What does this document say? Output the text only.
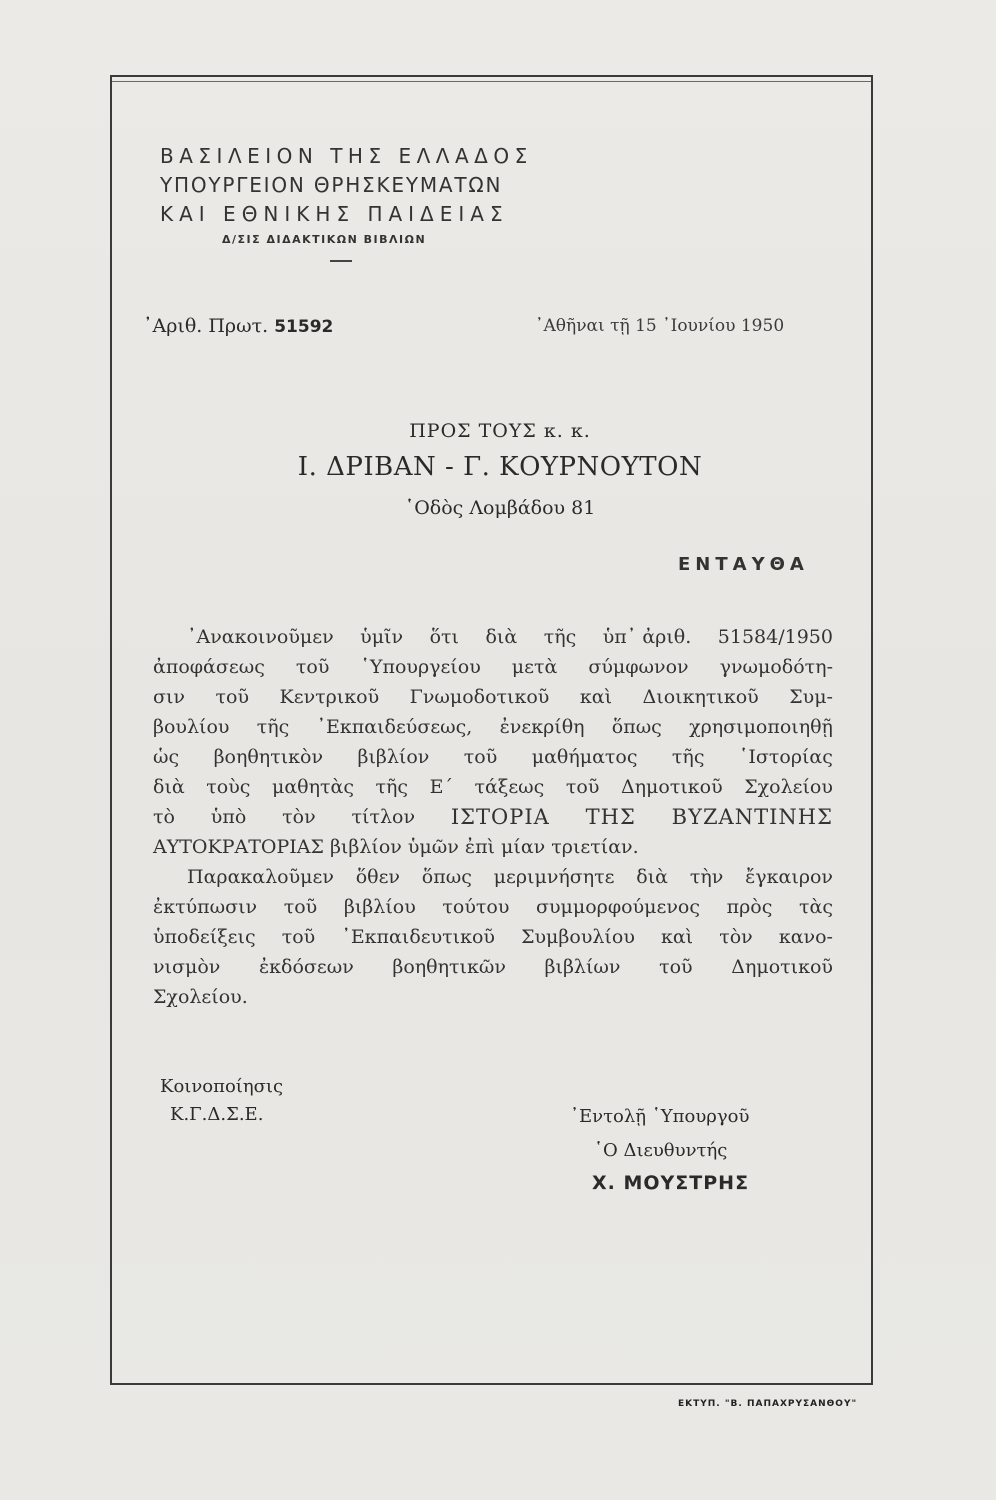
ΒΑΣΙΛΕΙΟΝ ΤΗΣ ΕΛΛΑΔΟΣ
ΥΠΟΥΡΓΕΙΟΝ ΘΡΗΣΚΕΥΜΑΤΩΝ
ΚΑΙ ΕΘΝΙΚΗΣ ΠΑΙΔΕΙΑΣ
Δ/ΣΙΣ ΔΙΔΑΚΤΙΚΩΝ ΒΙΒΛΙΩΝ
᾿Αριθ. Πρωτ. 51592	᾿Αθῆναι τῇ 15 ᾿Ιουνίου 1950
ΠΡΟΣ ΤΟΥΣ κ. κ.
Ι. ΔΡΙΒΑΝ - Γ. ΚΟΥΡΝΟΥΤΟΝ
῾Οδὸς Λομβάδου 81
ΕΝΤΑΥΘΑ
᾿Ανακοινοῦμεν ὑμῖν ὅτι διὰ τῆς ὑπ᾿ ἀριθ. 51584/1950
ἀποφάσεως τοῦ ῾Υπουργείου μετὰ σύμφωνον γνωμοδότη-
σιν τοῦ Κεντρικοῦ Γνωμοδοτικοῦ καὶ Διοικητικοῦ Συμ-
βουλίου τῆς ᾿Εκπαιδεύσεως, ἐνεκρίθη ὅπως χρησιμοποιηθῇ
ὡς βοηθητικὸν βιβλίον τοῦ μαθήματος τῆς ῾Ιστορίας
διὰ τοὺς μαθητὰς τῆς Ε΄ τάξεως τοῦ Δημοτικοῦ Σχολείου
τὸ ὑπὸ τὸν τίτλον ΙΣΤΟΡΙΑ ΤΗΣ ΒΥΖΑΝΤΙΝΗΣ
ΑΥΤΟΚΡΑΤΟΡΙΑΣ βιβλίον ὑμῶν ἐπὶ μίαν τριετίαν.
Παρακαλοῦμεν ὅθεν ὅπως μεριμνήσητε διὰ τὴν ἔγκαιρον
ἐκτύπωσιν τοῦ βιβλίου τούτου συμμορφούμενος πρὸς τὰς
ὑποδείξεις τοῦ ᾿Εκπαιδευτικοῦ Συμβουλίου καὶ τὸν κανο-
νισμὸν ἐκδόσεων βοηθητικῶν βιβλίων τοῦ Δημοτικοῦ
Σχολείου.
Κοινοποίησις
Κ.Γ.Δ.Σ.Ε.	᾿Εντολῇ ῾Υπουργοῦ
῾Ο Διευθυντής
Χ. ΜΟΥΣΤΡΗΣ
ΕΚΤΥΠ. "Β. ΠΑΠΑΧΡΥΣΑΝΘΟΥ"
